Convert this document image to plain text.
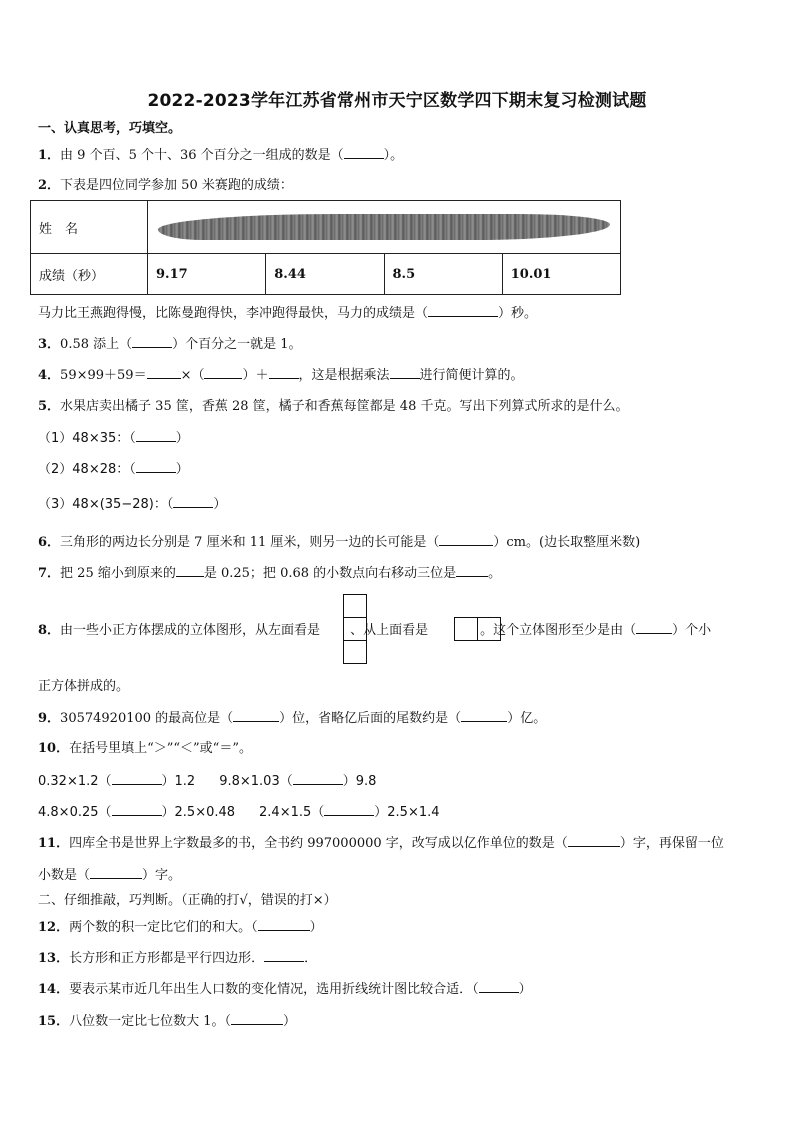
2022-2023学年江苏省常州市天宁区数学四下期末复习检测试题
一、认真思考，巧填空。
1．由 9 个百、5 个十、36 个百分之一组成的数是（	）。
2．下表是四位同学参加 50 米赛跑的成绩：
姓　名				

成绩（秒）	9.17	8.44	8.5	10.01
马力比王燕跑得慢，比陈曼跑得快，李冲跑得最快，马力的成绩是（	）秒。
3．0.58 添上（	）个百分之一就是 1。
4．59×99＋59＝	×（	）＋ ，这是根据乘法 进行简便计算的。
5．水果店卖出橘子 35 筐，香蕉 28 筐，橘子和香蕉每筐都是 48 千克。写出下列算式所求的是什么。
（1）48×35：（	）
（2）48×28：（	）
（3）48×(35−28)：（	）
6．三角形的两边长分别是 7 厘米和 11 厘米，则另一边的长可能是（	）cm。(边长取整厘米数)
7．把 25 缩小到原来的 是 0.25；把 0.68 的小数点向右移动三位是 。
8．由一些小正方体摆成的立体图形，从左面看是 、从上面看是	。这个立体图形至少是由（	）个小
正方体拼成的。
9．30574920100 的最高位是（	）位，省略亿后面的尾数约是（	）亿。
10．在括号里填上“＞”“＜”或“＝”。
0.32×1.2（	）1.2 9.8×1.03（	）9.8
4.8×0.25（	）2.5×0.48 2.4×1.5（	）2.5×1.4
11．四库全书是世界上字数最多的书，全书约 997000000 字，改写成以亿作单位的数是（	）字，再保留一位
小数是（	）字。
二、仔细推敲，巧判断。（正确的打√，错误的打×）
12．两个数的积一定比它们的和大。（	）
13．长方形和正方形都是平行四边形．	．
14．要表示某市近几年出生人口数的变化情况，选用折线统计图比较合适．（	）
15．八位数一定比七位数大 1。（	）
